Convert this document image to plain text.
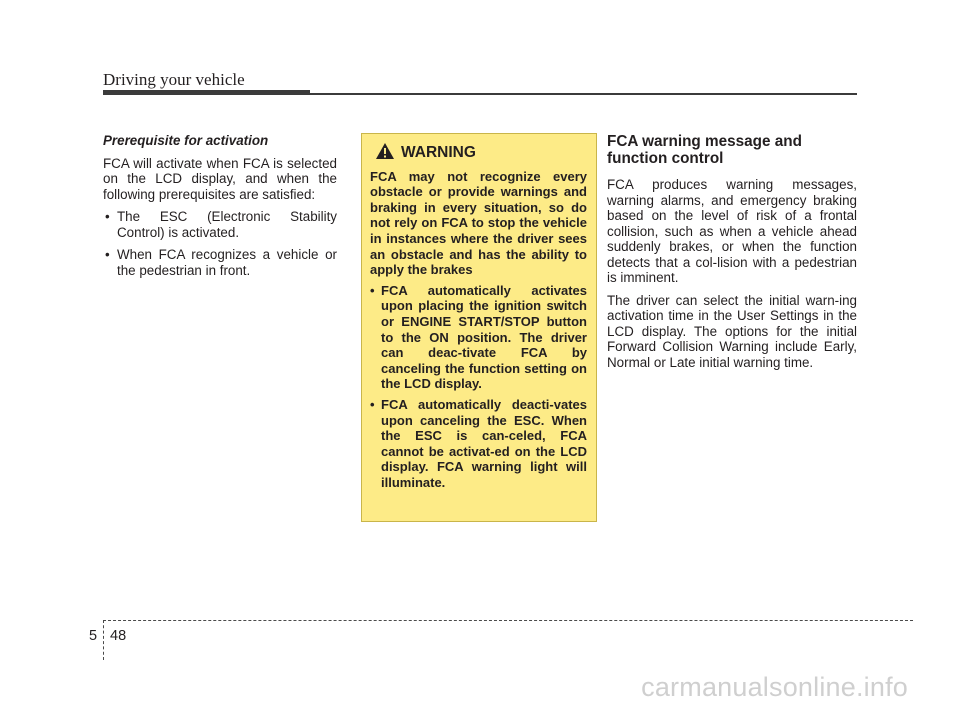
Driving your vehicle

Prerequisite for activation

FCA will activate when FCA is selected on the LCD display, and when the following prerequisites are satisfied:

• The ESC (Electronic Stability Control) is activated.
• When FCA recognizes a vehicle or the pedestrian in front.
WARNING

FCA may not recognize every obstacle or provide warnings and braking in every situation, so do not rely on FCA to stop the vehicle in instances where the driver sees an obstacle and has the ability to apply the brakes

• FCA automatically activates upon placing the ignition switch or ENGINE START/STOP button to the ON position. The driver can deac-tivate FCA by canceling the function setting on the LCD display.
• FCA automatically deacti-vates upon canceling the ESC. When the ESC is can-celed, FCA cannot be activat-ed on the LCD display. FCA warning light will illuminate.
FCA warning message and function control

FCA produces warning messages, warning alarms, and emergency braking based on the level of risk of a frontal collision, such as when a vehicle ahead suddenly brakes, or when the function detects that a col-lision with a pedestrian is imminent.

The driver can select the initial warn-ing activation time in the User Settings in the LCD display. The options for the initial Forward Collision Warning include Early, Normal or Late initial warning time.

5 48
carmanualsonline.info
